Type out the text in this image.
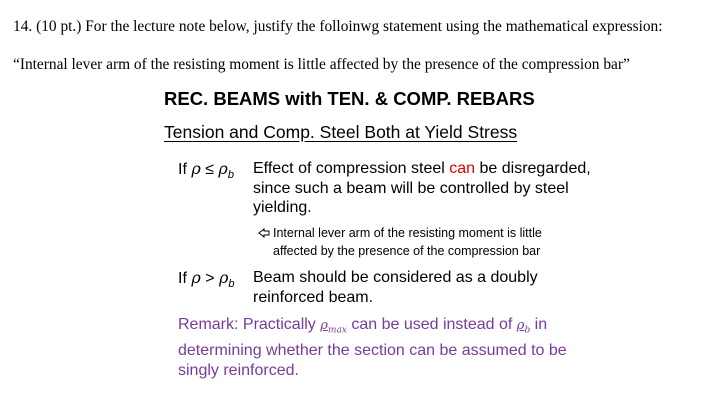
14. (10 pt.) For the lecture note below, justify the folloinwg statement using the mathematical expression:
“Internal lever arm of the resisting moment is little affected by the presence of the compression bar”
REC. BEAMS with TEN. & COMP. REBARS
Tension and Comp. Steel Both at Yield Stress
If $\rho \le \rho_b$ Effect of compression steel can be disregarded,
since such a beam will be controlled by steel
yielding.
Internal lever arm of the resisting moment is little
affected by the presence of the compression bar
If $\rho > \rho_b$ Beam should be considered as a doubly
reinforced beam.
Remark: Practically $\rho_{max}$ can be used instead of $\rho_b$ in
determining whether the section can be assumed to be
singly reinforced.
